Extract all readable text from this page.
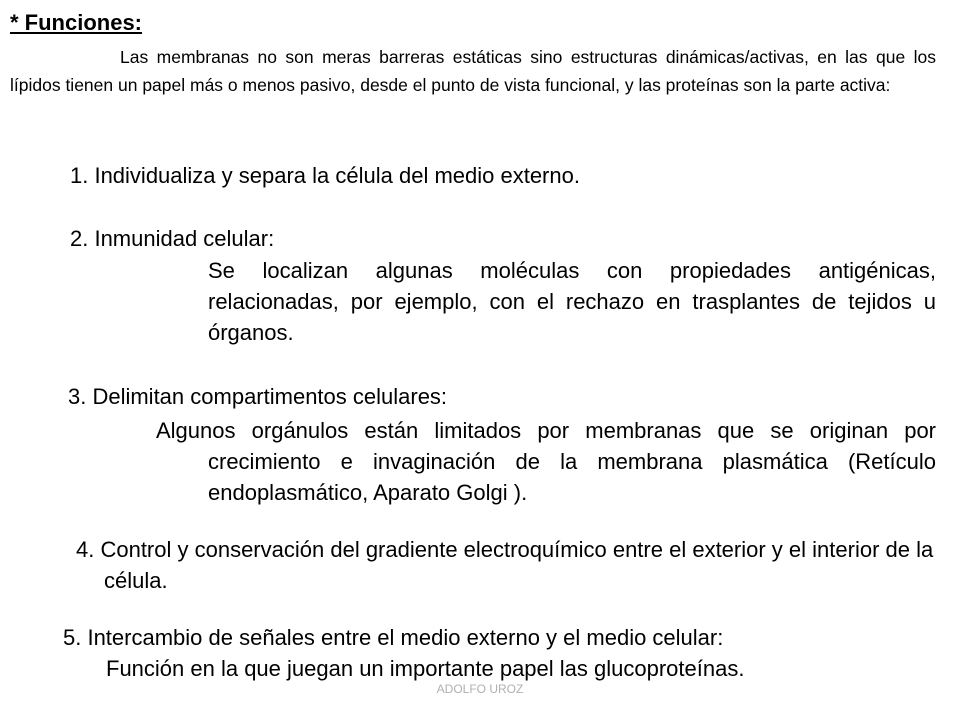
ADOLFO UROZ
* Funciones:

Las membranas no son meras barreras estáticas sino estructuras dinámicas/activas, en las que los lípidos tienen un papel más o menos pasivo, desde el punto de vista funcional, y las proteínas son la parte activa:

1. Individualiza y separa la célula del medio externo.
2. Inmunidad celular:

Se localizan algunas moléculas con propiedades antigénicas, relacionadas, por ejemplo, con el rechazo en trasplantes de tejidos u órganos.

3. Delimitan compartimentos celulares:

Algunos orgánulos están limitados por membranas que se originan por crecimiento e invaginación de la membrana plasmática (Retículo endoplasmático, Aparato Golgi ).

4. Control y conservación del gradiente electroquímico entre el exterior y el interior de la célula.

5. Intercambio de señales entre el medio externo y el medio celular:
Función en la que juegan un importante papel las glucoproteínas.
